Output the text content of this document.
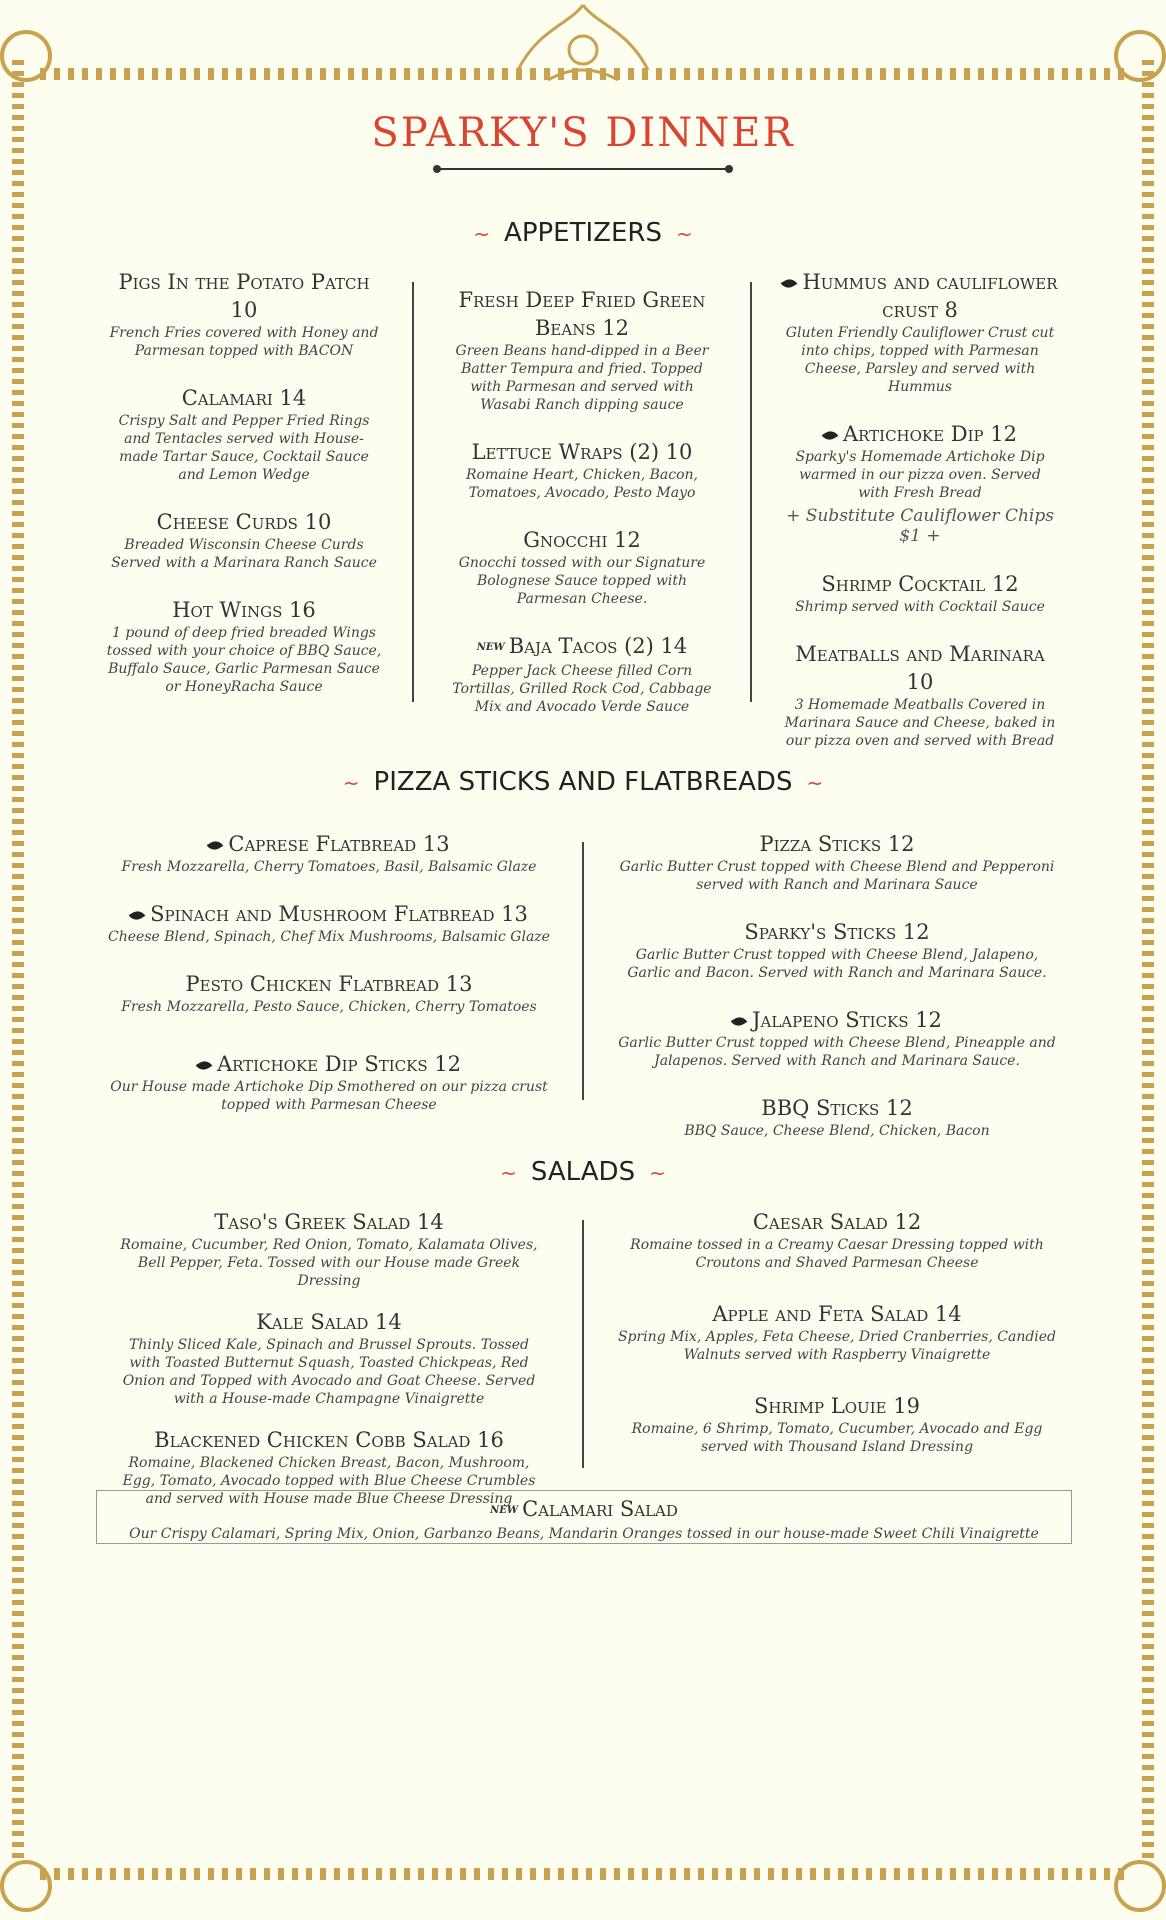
SPARKY'S DINNER
~ APPETIZERS ~
Pigs In the Potato Patch 10
French Fries covered with Honey and Parmesan topped with BACON
Calamari 14
Crispy Salt and Pepper Fried Rings and Tentacles served with House-made Tartar Sauce, Cocktail Sauce and Lemon Wedge
Cheese Curds 10
Breaded Wisconsin Cheese Curds Served with a Marinara Ranch Sauce
Hot Wings 16
1 pound of deep fried breaded Wings tossed with your choice of BBQ Sauce, Buffalo Sauce, Garlic Parmesan Sauce or HoneyRacha Sauce
Fresh Deep Fried Green Beans 12
Green Beans hand-dipped in a Beer Batter Tempura and fried. Topped with Parmesan and served with Wasabi Ranch dipping sauce
Lettuce Wraps (2) 10
Romaine Heart, Chicken, Bacon, Tomatoes, Avocado, Pesto Mayo
Gnocchi 12
Gnocchi tossed with our Signature Bolognese Sauce topped with Parmesan Cheese.
NEW Baja Tacos (2) 14
Pepper Jack Cheese filled Corn Tortillas, Grilled Rock Cod, Cabbage Mix and Avocado Verde Sauce
Hummus and cauliflower crust 8
Gluten Friendly Cauliflower Crust cut into chips, topped with Parmesan Cheese, Parsley and served with Hummus
Artichoke Dip 12
Sparky's Homemade Artichoke Dip warmed in our pizza oven. Served with Fresh Bread
+ Substitute Cauliflower Chips $1 +
Shrimp Cocktail 12
Shrimp served with Cocktail Sauce
Meatballs and Marinara 10
3 Homemade Meatballs Covered in Marinara Sauce and Cheese, baked in our pizza oven and served with Bread
~ PIZZA STICKS AND FLATBREADS ~
Caprese Flatbread 13
Fresh Mozzarella, Cherry Tomatoes, Basil, Balsamic Glaze
Spinach and Mushroom Flatbread 13
Cheese Blend, Spinach, Chef Mix Mushrooms, Balsamic Glaze
Pesto Chicken Flatbread 13
Fresh Mozzarella, Pesto Sauce, Chicken, Cherry Tomatoes
Artichoke Dip Sticks 12
Our House made Artichoke Dip Smothered on our pizza crust topped with Parmesan Cheese
Pizza Sticks 12
Garlic Butter Crust topped with Cheese Blend and Pepperoni served with Ranch and Marinara Sauce
Sparky's Sticks 12
Garlic Butter Crust topped with Cheese Blend, Jalapeno, Garlic and Bacon. Served with Ranch and Marinara Sauce.
Jalapeno Sticks 12
Garlic Butter Crust topped with Cheese Blend, Pineapple and Jalapenos. Served with Ranch and Marinara Sauce.
BBQ Sticks 12
BBQ Sauce, Cheese Blend, Chicken, Bacon
~ SALADS ~
Taso's Greek Salad 14
Romaine, Cucumber, Red Onion, Tomato, Kalamata Olives, Bell Pepper, Feta. Tossed with our House made Greek Dressing
Kale Salad 14
Thinly Sliced Kale, Spinach and Brussel Sprouts. Tossed with Toasted Butternut Squash, Toasted Chickpeas, Red Onion and Topped with Avocado and Goat Cheese. Served with a House-made Champagne Vinaigrette
Blackened Chicken Cobb Salad 16
Romaine, Blackened Chicken Breast, Bacon, Mushroom, Egg, Tomato, Avocado topped with Blue Cheese Crumbles and served with House made Blue Cheese Dressing
Caesar Salad 12
Romaine tossed in a Creamy Caesar Dressing topped with Croutons and Shaved Parmesan Cheese
Apple and Feta Salad 14
Spring Mix, Apples, Feta Cheese, Dried Cranberries, Candied Walnuts served with Raspberry Vinaigrette
Shrimp Louie 19
Romaine, 6 Shrimp, Tomato, Cucumber, Avocado and Egg served with Thousand Island Dressing
NEW Calamari Salad
Our Crispy Calamari, Spring Mix, Onion, Garbanzo Beans, Mandarin Oranges tossed in our house-made Sweet Chili Vinaigrette
